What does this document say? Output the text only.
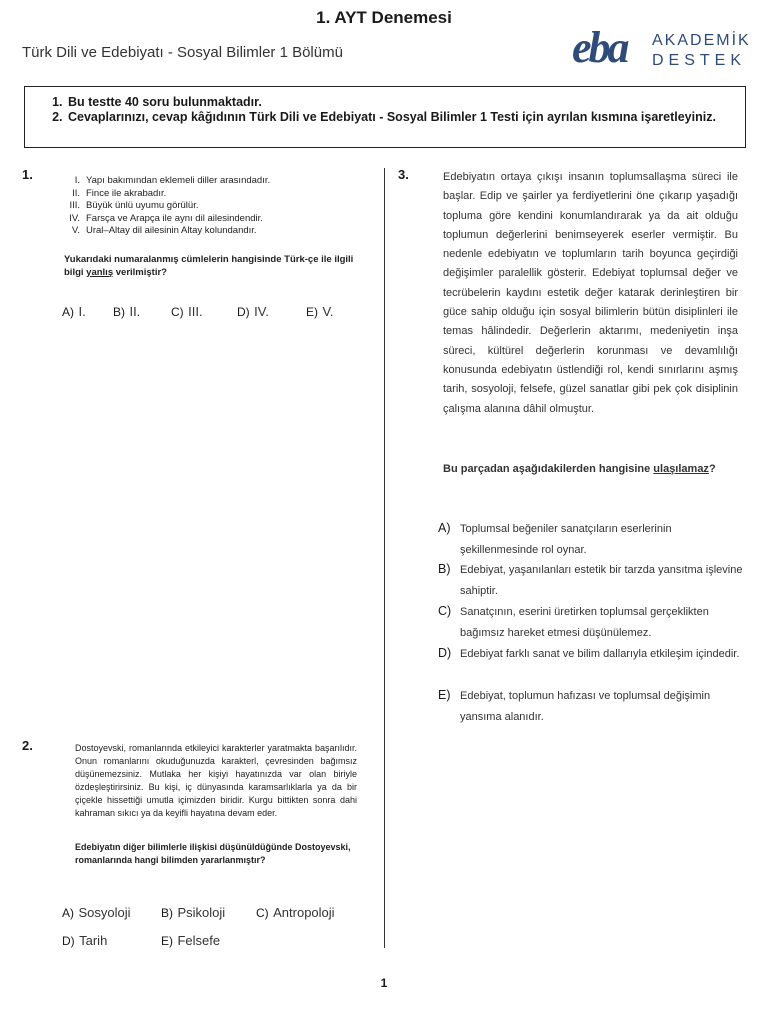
1. AYT Denemesi
Türk Dili ve Edebiyatı - Sosyal Bilimler 1 Bölümü	eba AKADEMİK
DESTEK
1. Bu testte 40 soru bulunmaktadır.
2. Cevaplarınızı, cevap kâğıdının Türk Dili ve Edebiyatı - Sosyal Bilimler 1 Testi için ayrılan kısmına işaretleyiniz.
1.	I. Yapı bakımından eklemeli diller arasındadır.
II. Fince ile akrabadır.
III. Büyük ünlü uyumu görülür.
IV. Farsça ve Arapça ile aynı dil ailesindendir.
V. Ural–Altay dil ailesinin Altay kolundandır.
Yukarıdaki numaralanmış cümlelerin hangisinde Türk-çe ile ilgili bilgi yanlış verilmiştir?
A) I. B) II.	C) III.	D) IV.	E) V.
2.	Dostoyevski, romanlarında etkileyici karakterler yaratmakta başarılıdır. Onun romanlarını okuduğunuzda karakterl, çevresinden bağımsız düşünemezsiniz. Mutlaka her kişiyi hayatınızda var olan biriyle özdeşleştirirsiniz. Bu kişi, iç dünyasında karamsarlıklarla ya da bir çiçekle hissettiği umutla içimizden biridir. Kurgu bittikten sonra dahi kahraman sıkıcı ya da keyifli hayatına devam eder.
Edebiyatın diğer bilimlerle ilişkisi düşünüldüğünde Dostoyevski, romanlarında hangi bilimden yararlanmıştır?
A) Sosyoloji	B) Psikoloji	C) Antropoloji
D) Tarih	E) Felsefe
3.	Edebiyatın ortaya çıkışı insanın toplumsallaşma süreci ile başlar. Edip ve şairler ya ferdiyetlerini öne çıkarıp yaşadığı topluma göre kendini konumlandırarak ya da ait olduğu toplumun değerlerini benimseyerek eserler vermiştir. Bu nedenle edebiyatın ve toplumların tarih boyunca geçirdiği değişimler paralellik gösterir. Edebiyat toplumsal değer ve tecrübelerin kaydını estetik değer katarak derinleştiren bir güce sahip olduğu için sosyal bilimlerin bütün disiplinleri ile temas hâlindedir. Değerlerin aktarımı, medeniyetin inşa süreci, kültürel değerlerin korunması ve devamlılığı konusunda edebiyatın üstlendiği rol, kendi sınırlarını aşmış tarih, sosyoloji, felsefe, güzel sanatlar gibi pek çok disiplinin çalışma alanına dâhil olmuştur.
Bu parçadan aşağıdakilerden hangisine ulaşılamaz?
A) Toplumsal beğeniler sanatçıların eserlerinin şekillenmesinde rol oynar.
B) Edebiyat, yaşanılanları estetik bir tarzda yansıtma işlevine sahiptir.
C) Sanatçının, eserini üretirken toplumsal gerçeklikten bağımsız hareket etmesi düşünülemez.
D) Edebiyat farklı sanat ve bilim dallarıyla etkileşim içindedir.
E) Edebiyat, toplumun hafızası ve toplumsal değişimin yansıma alanıdır.
1
